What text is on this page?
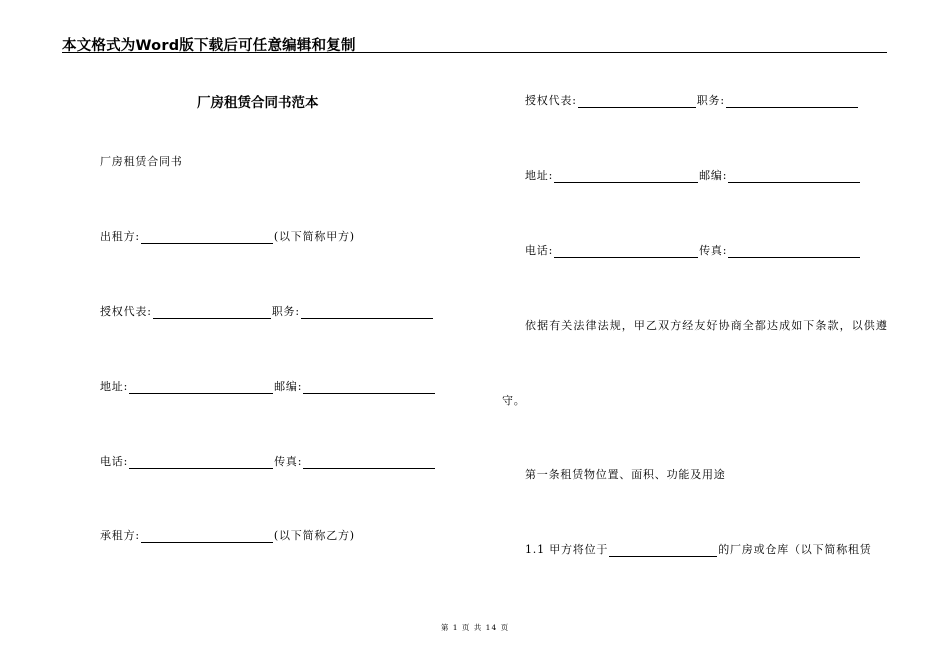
本文格式为Word版下载后可任意编辑和复制
厂房租赁合同书范本
厂房租赁合同书
出租方:	(以下简称甲方)
授权代表:	职务:
地址:	邮编:
电话:	传真:
承租方:	(以下简称乙方)
授权代表:	职务:
地址:	邮编:
电话:	传真:
依据有关法律法规，甲乙双方经友好协商全都达成如下条款，以供遵
守。
第一条租赁物位置、面积、功能及用途
1.1 甲方将位于	的厂房或仓库（以下简称租赁
第 1 页 共 14 页
